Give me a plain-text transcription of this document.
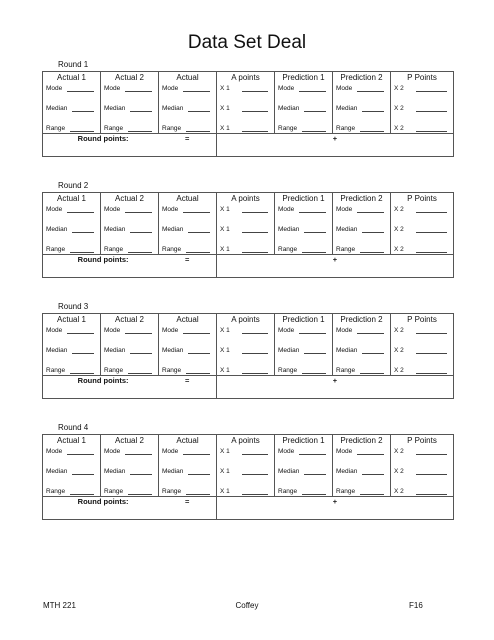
Data Set Deal
Round 1
Actual 1	Actual 2	Actual	A points	Prediction 1	Prediction 2	P Points

Mode	Mode	Mode	X 1	Mode	Mode	X 2

Median	Median	Median	X 1	Median	Median	X 2

Range	Range	Range	X 1	Range	Range	X 2

Round points:		=	+			
Round 2
Actual 1	Actual 2	Actual	A points	Prediction 1	Prediction 2	P Points

Mode	Mode	Mode	X 1	Mode	Mode	X 2

Median	Median	Median	X 1	Median	Median	X 2

Range	Range	Range	X 1	Range	Range	X 2

Round points:		=	+			
Round 3
Actual 1	Actual 2	Actual	A points	Prediction 1	Prediction 2	P Points

Mode	Mode	Mode	X 1	Mode	Mode	X 2

Median	Median	Median	X 1	Median	Median	X 2

Range	Range	Range	X 1	Range	Range	X 2

Round points:		=	+			
Round 4
Actual 1	Actual 2	Actual	A points	Prediction 1	Prediction 2	P Points

Mode	Mode	Mode	X 1	Mode	Mode	X 2

Median	Median	Median	X 1	Median	Median	X 2

Range	Range	Range	X 1	Range	Range	X 2

Round points:		=	+			
MTH 221	Coffey	F16
